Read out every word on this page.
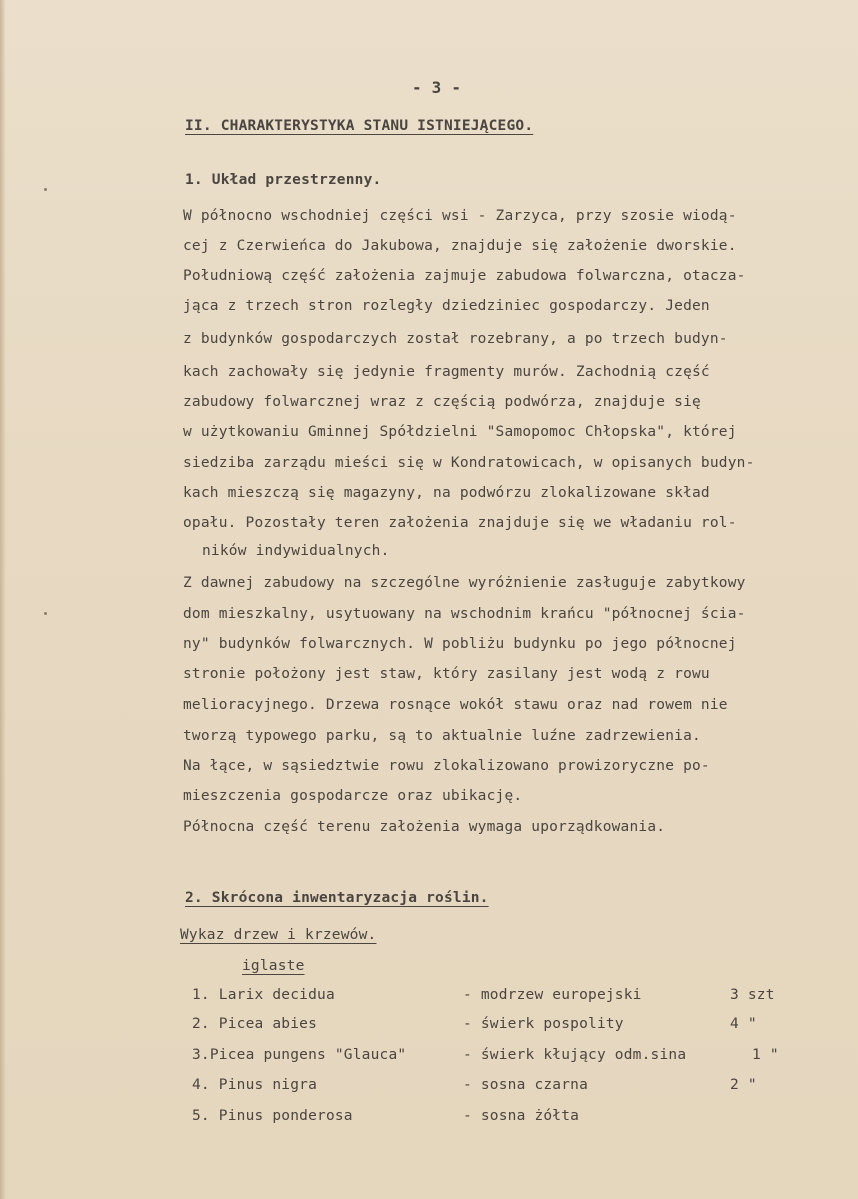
- 3 -
II. CHARAKTERYSTYKA STANU ISTNIEJĄCEGO.
1. Układ przestrzenny.
W północno wschodniej części wsi - Zarzyca, przy szosie wiodą-
cej z Czerwieńca do Jakubowa, znajduje się założenie dworskie.
Południową część założenia zajmuje zabudowa folwarczna, otacza-
jąca z trzech stron rozległy dziedziniec gospodarczy. Jeden
z budynków gospodarczych został rozebrany, a po trzech budyn-
kach zachowały się jedynie fragmenty murów. Zachodnią część
zabudowy folwarcznej wraz z częścią podwórza, znajduje się
w użytkowaniu Gminnej Spółdzielni "Samopomoc Chłopska", której
siedziba zarządu mieści się w Kondratowicach, w opisanych budyn-
kach mieszczą się magazyny, na podwórzu zlokalizowane skład
opału. Pozostały teren założenia znajduje się we władaniu rol-
ników indywidualnych.
Z dawnej zabudowy na szczególne wyróżnienie zasługuje zabytkowy
dom mieszkalny, usytuowany na wschodnim krańcu "północnej ścia-
ny" budynków folwarcznych. W pobliżu budynku po jego północnej
stronie położony jest staw, który zasilany jest wodą z rowu
melioracyjnego. Drzewa rosnące wokół stawu oraz nad rowem nie
tworzą typowego parku, są to aktualnie luźne zadrzewienia.
Na łące, w sąsiedztwie rowu zlokalizowano prowizoryczne po-
mieszczenia gospodarcze oraz ubikację.
Północna część terenu założenia wymaga uporządkowania.
2. Skrócona inwentaryzacja roślin.
Wykaz drzew i krzewów.
iglaste
1. Larix decidua	- modrzew europejski	3 szt
2. Picea abies	- świerk pospolity	4 "
3.Picea pungens "Glauca"	- świerk kłujący odm.sina	1 "
4. Pinus nigra	- sosna czarna	2 "
5. Pinus ponderosa	- sosna żółta
